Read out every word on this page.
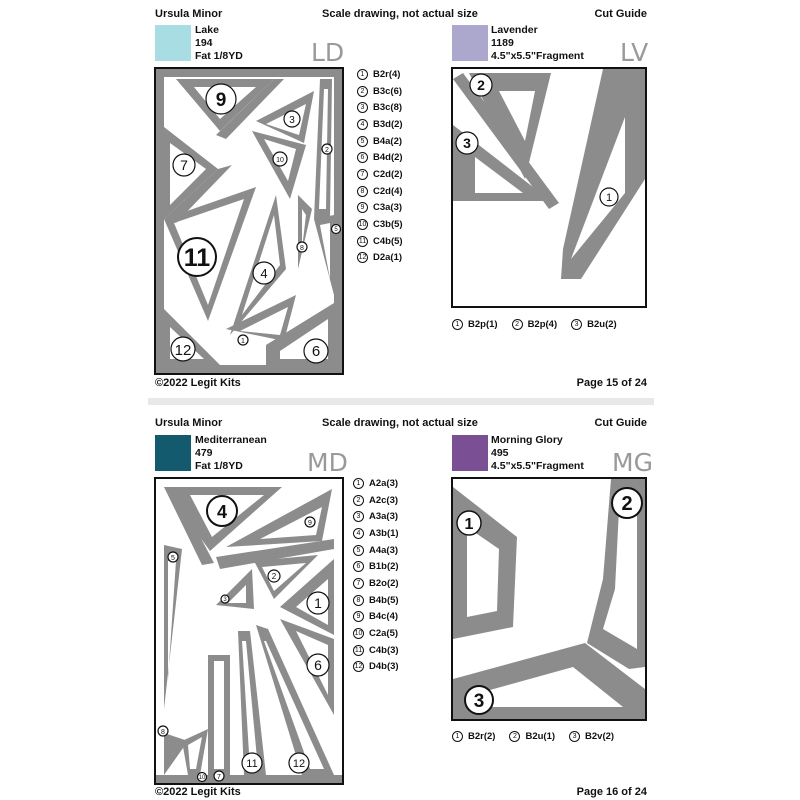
Ursula Minor	Scale drawing, not actual size	Cut Guide
Lake
194
Fat 1/8YD	LD
Lavender
1189
4.5"x5.5"Fragment LV
9
3
2
10
7
5
8
11
4
1
12	6
1 B2r(4)
2 B3c(6)
3 B3c(8)
4 B3d(2)
5 B4a(2)
6 B4d(2)
7 C2d(2)
8 C2d(4)
9 C3a(3)
10 C3b(5)
11 C4b(5)
12 D2a(1)
2
3
1
1 B2p(1)	2 B2p(4)	3 B2u(2)
©2022 Legit Kits	Page 15 of 24
Ursula Minor	Scale drawing, not actual size	Cut Guide
Mediterranean
479
Fat 1/8YD	MD
Morning Glory
495
4.5"x5.5"Fragment MG
4
9
5
2
3	1
6
8
10 7
11	12
1 A2a(3)
2 A2c(3)
3 A3a(3)
4 A3b(1)
5 A4a(3)
6 B1b(2)
7 B2o(2)
8 B4b(5)
9 B4c(4)
10 C2a(5)
11 C4b(3)
12 D4b(3)
1
2
3
1 B2r(2)	2 B2u(1)	3 B2v(2)
©2022 Legit Kits	Page 16 of 24
